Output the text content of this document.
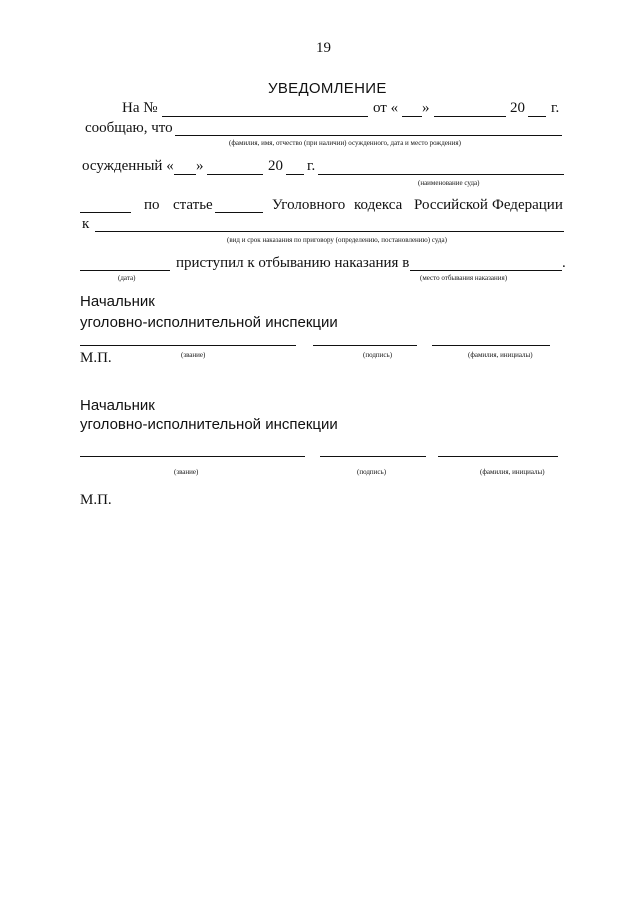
19
УВЕДОМЛЕНИЕ
На №	от « »	20 г.
сообщаю, что
(фамилия, имя, отчество (при наличии) осужденного, дата и место рождения)
осужденный « »	20 г.
(наименование суда)
по статье	Уголовного кодекса Российской Федерации
к
(вид и срок наказания по приговору (определению, постановлению) суда)
приступил к отбыванию наказания в	.
(дата)	(место отбывания наказания)
Начальник
уголовно-исполнительной инспекции
М.П.	(звание)	(подпись)	(фамилия, инициалы)
Начальник
уголовно-исполнительной инспекции
(звание)	(подпись)	(фамилия, инициалы)
М.П.
